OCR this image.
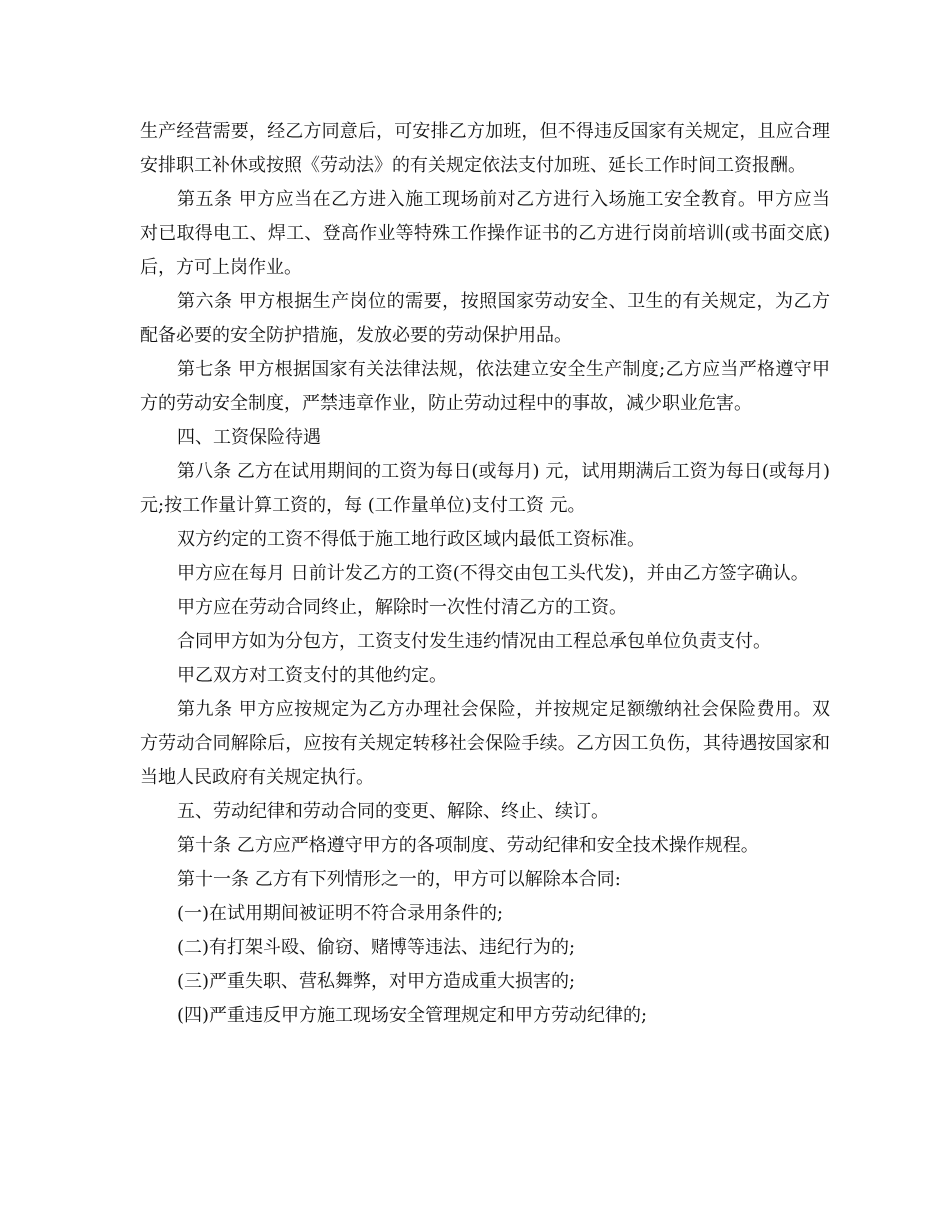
生产经营需要，经乙方同意后，可安排乙方加班，但不得违反国家有关规定，且应合理安排职工补休或按照《劳动法》的有关规定依法支付加班、延长工作时间工资报酬。

第五条 甲方应当在乙方进入施工现场前对乙方进行入场施工安全教育。甲方应当对已取得电工、焊工、登高作业等特殊工作操作证书的乙方进行岗前培训(或书面交底)后，方可上岗作业。

第六条 甲方根据生产岗位的需要，按照国家劳动安全、卫生的有关规定，为乙方配备必要的安全防护措施，发放必要的劳动保护用品。

第七条 甲方根据国家有关法律法规，依法建立安全生产制度;乙方应当严格遵守甲方的劳动安全制度，严禁违章作业，防止劳动过程中的事故，减少职业危害。

四、工资保险待遇

第八条 乙方在试用期间的工资为每日(或每月) 元，试用期满后工资为每日(或每月) 元;按工作量计算工资的，每 (工作量单位)支付工资 元。

双方约定的工资不得低于施工地行政区域内最低工资标准。

甲方应在每月 日前计发乙方的工资(不得交由包工头代发)，并由乙方签字确认。

甲方应在劳动合同终止，解除时一次性付清乙方的工资。

合同甲方如为分包方，工资支付发生违约情况由工程总承包单位负责支付。

甲乙双方对工资支付的其他约定。

第九条 甲方应按规定为乙方办理社会保险，并按规定足额缴纳社会保险费用。双方劳动合同解除后，应按有关规定转移社会保险手续。乙方因工负伤，其待遇按国家和当地人民政府有关规定执行。

五、劳动纪律和劳动合同的变更、解除、终止、续订。

第十条 乙方应严格遵守甲方的各项制度、劳动纪律和安全技术操作规程。

第十一条 乙方有下列情形之一的，甲方可以解除本合同:

(一)在试用期间被证明不符合录用条件的;

(二)有打架斗殴、偷窃、赌博等违法、违纪行为的;

(三)严重失职、营私舞弊，对甲方造成重大损害的;

(四)严重违反甲方施工现场安全管理规定和甲方劳动纪律的;
